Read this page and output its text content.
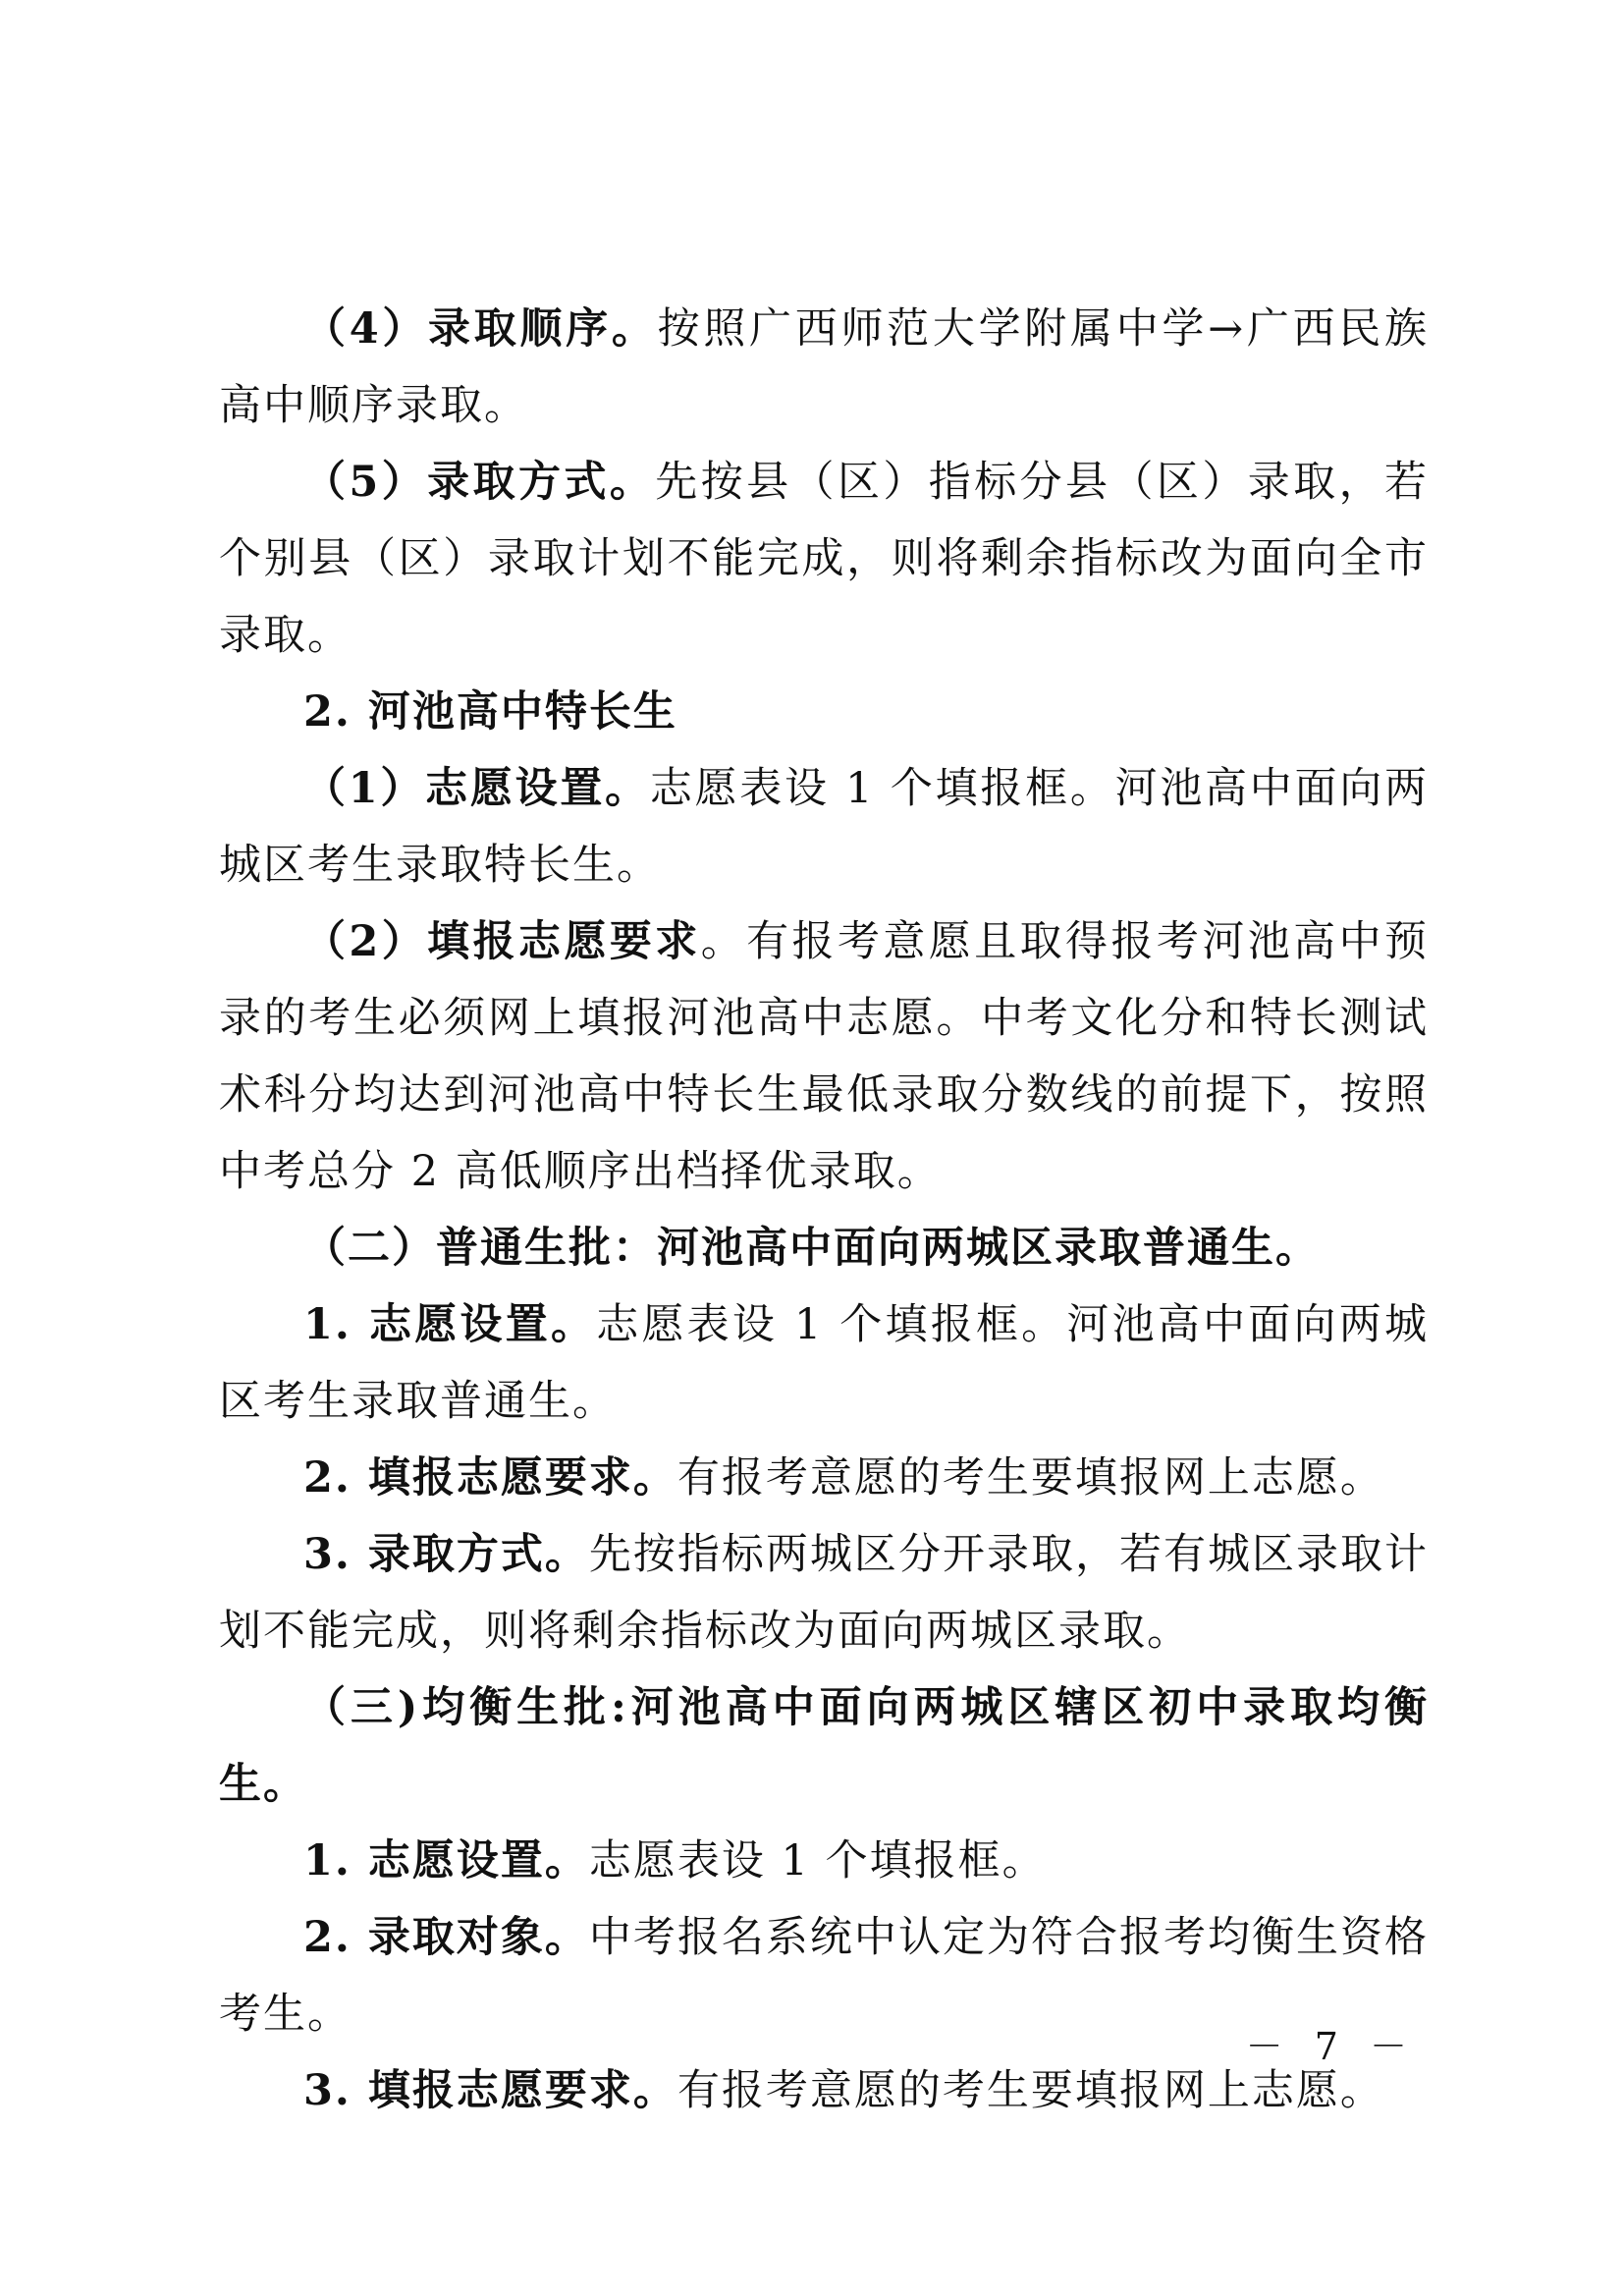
（4）录取顺序。按照广西师范大学附属中学→广西民族高中顺序录取。

（5）录取方式。先按县（区）指标分县（区）录取，若个别县（区）录取计划不能完成，则将剩余指标改为面向全市录取。

2. 河池高中特长生

（1）志愿设置。志愿表设 1 个填报框。河池高中面向两城区考生录取特长生。

（2）填报志愿要求。有报考意愿且取得报考河池高中预录的考生必须网上填报河池高中志愿。中考文化分和特长测试术科分均达到河池高中特长生最低录取分数线的前提下，按照中考总分 2 高低顺序出档择优录取。

（二）普通生批：河池高中面向两城区录取普通生。

1. 志愿设置。志愿表设 1 个填报框。河池高中面向两城区考生录取普通生。

2. 填报志愿要求。有报考意愿的考生要填报网上志愿。

3. 录取方式。先按指标两城区分开录取，若有城区录取计划不能完成，则将剩余指标改为面向两城区录取。

（三)均衡生批:河池高中面向两城区辖区初中录取均衡生。

1. 志愿设置。志愿表设 1 个填报框。

2. 录取对象。中考报名系统中认定为符合报考均衡生资格考生。

3. 填报志愿要求。有报考意愿的考生要填报网上志愿。

－ 7 －
